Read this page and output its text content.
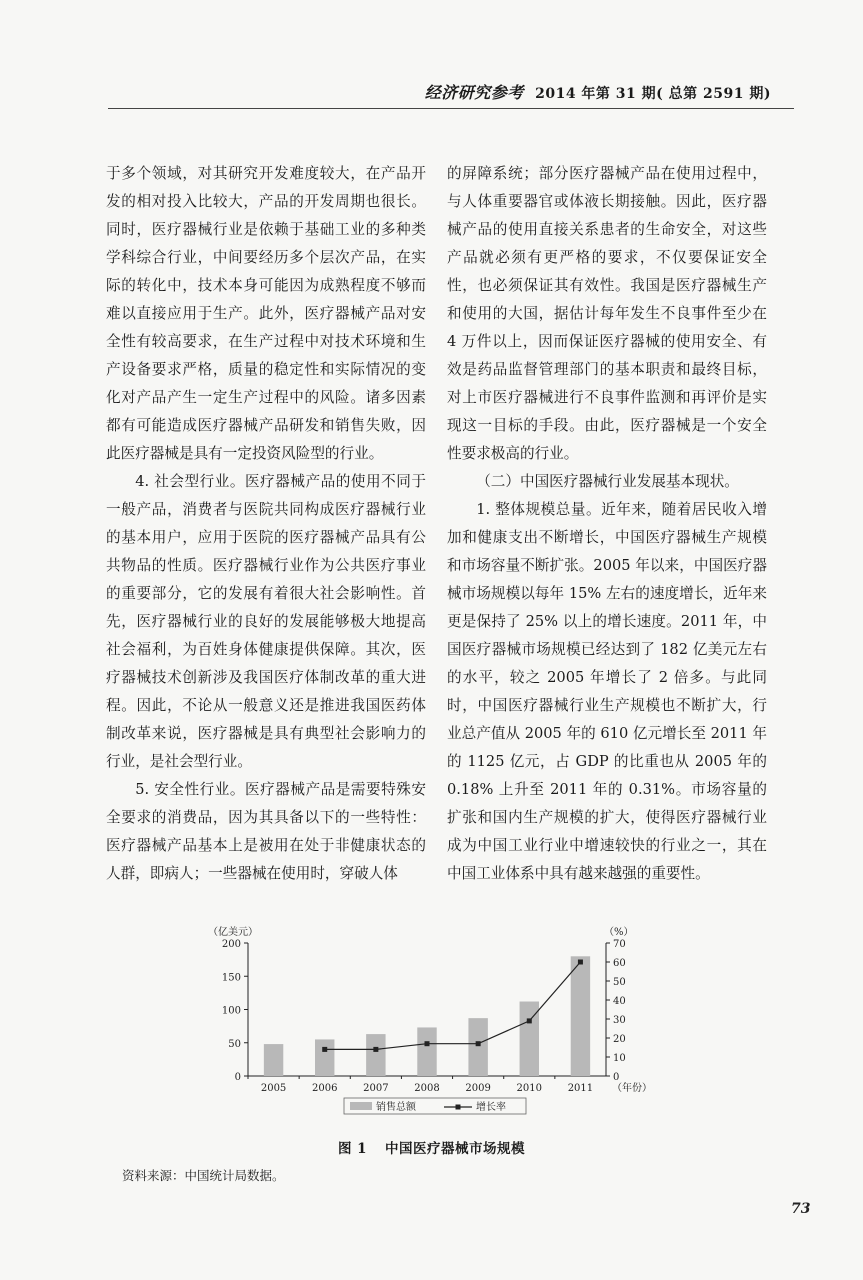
经济研究参考 2014 年第 31 期( 总第 2591 期)

于多个领域，对其研究开发难度较大，在产品开发的相对投入比较大，产品的开发周期也很长。同时，医疗器械行业是依赖于基础工业的多种类学科综合行业，中间要经历多个层次产品，在实际的转化中，技术本身可能因为成熟程度不够而难以直接应用于生产。此外，医疗器械产品对安全性有较高要求，在生产过程中对技术环境和生产设备要求严格，质量的稳定性和实际情况的变化对产品产生一定生产过程中的风险。诸多因素都有可能造成医疗器械产品研发和销售失败，因此医疗器械是具有一定投资风险型的行业。

4. 社会型行业。医疗器械产品的使用不同于一般产品，消费者与医院共同构成医疗器械行业的基本用户，应用于医院的医疗器械产品具有公共物品的性质。医疗器械行业作为公共医疗事业的重要部分，它的发展有着很大社会影响性。首先，医疗器械行业的良好的发展能够极大地提高社会福利，为百姓身体健康提供保障。其次，医疗器械技术创新涉及我国医疗体制改革的重大进程。因此，不论从一般意义还是推进我国医药体制改革来说，医疗器械是具有典型社会影响力的行业，是社会型行业。

5. 安全性行业。医疗器械产品是需要特殊安全要求的消费品，因为其具备以下的一些特性：医疗器械产品基本上是被用在处于非健康状态的人群，即病人；一些器械在使用时，穿破人体

的屏障系统；部分医疗器械产品在使用过程中，与人体重要器官或体液长期接触。因此，医疗器械产品的使用直接关系患者的生命安全，对这些产品就必须有更严格的要求，不仅要保证安全性，也必须保证其有效性。我国是医疗器械生产和使用的大国，据估计每年发生不良事件至少在 4 万件以上，因而保证医疗器械的使用安全、有效是药品监督管理部门的基本职责和最终目标，对上市医疗器械进行不良事件监测和再评价是实现这一目标的手段。由此，医疗器械是一个安全性要求极高的行业。

（二）中国医疗器械行业发展基本现状。

1. 整体规模总量。近年来，随着居民收入增加和健康支出不断增长，中国医疗器械生产规模和市场容量不断扩张。2005 年以来，中国医疗器械市场规模以每年 15% 左右的速度增长，近年来更是保持了 25% 以上的增长速度。2011 年，中国医疗器械市场规模已经达到了 182 亿美元左右的水平，较之 2005 年增长了 2 倍多。与此同时，中国医疗器械行业生产规模也不断扩大，行业总产值从 2005 年的 610 亿元增长至 2011 年的 1125 亿元，占 GDP 的比重也从 2005 年的 0.18% 上升至 2011 年的 0.31%。市场容量的扩张和国内生产规模的扩大，使得医疗器械行业成为中国工业行业中增速较快的行业之一，其在中国工业体系中具有越来越强的重要性。

0
50
100
150
200
0
10
20
30
40
50
60
70
（亿美元）	（%）
2005	2006	2007	2008	2009	2010	2011 （年份）
销售总额	增长率
图 1 中国医疗器械市场规模
资料来源：中国统计局数据。
73
